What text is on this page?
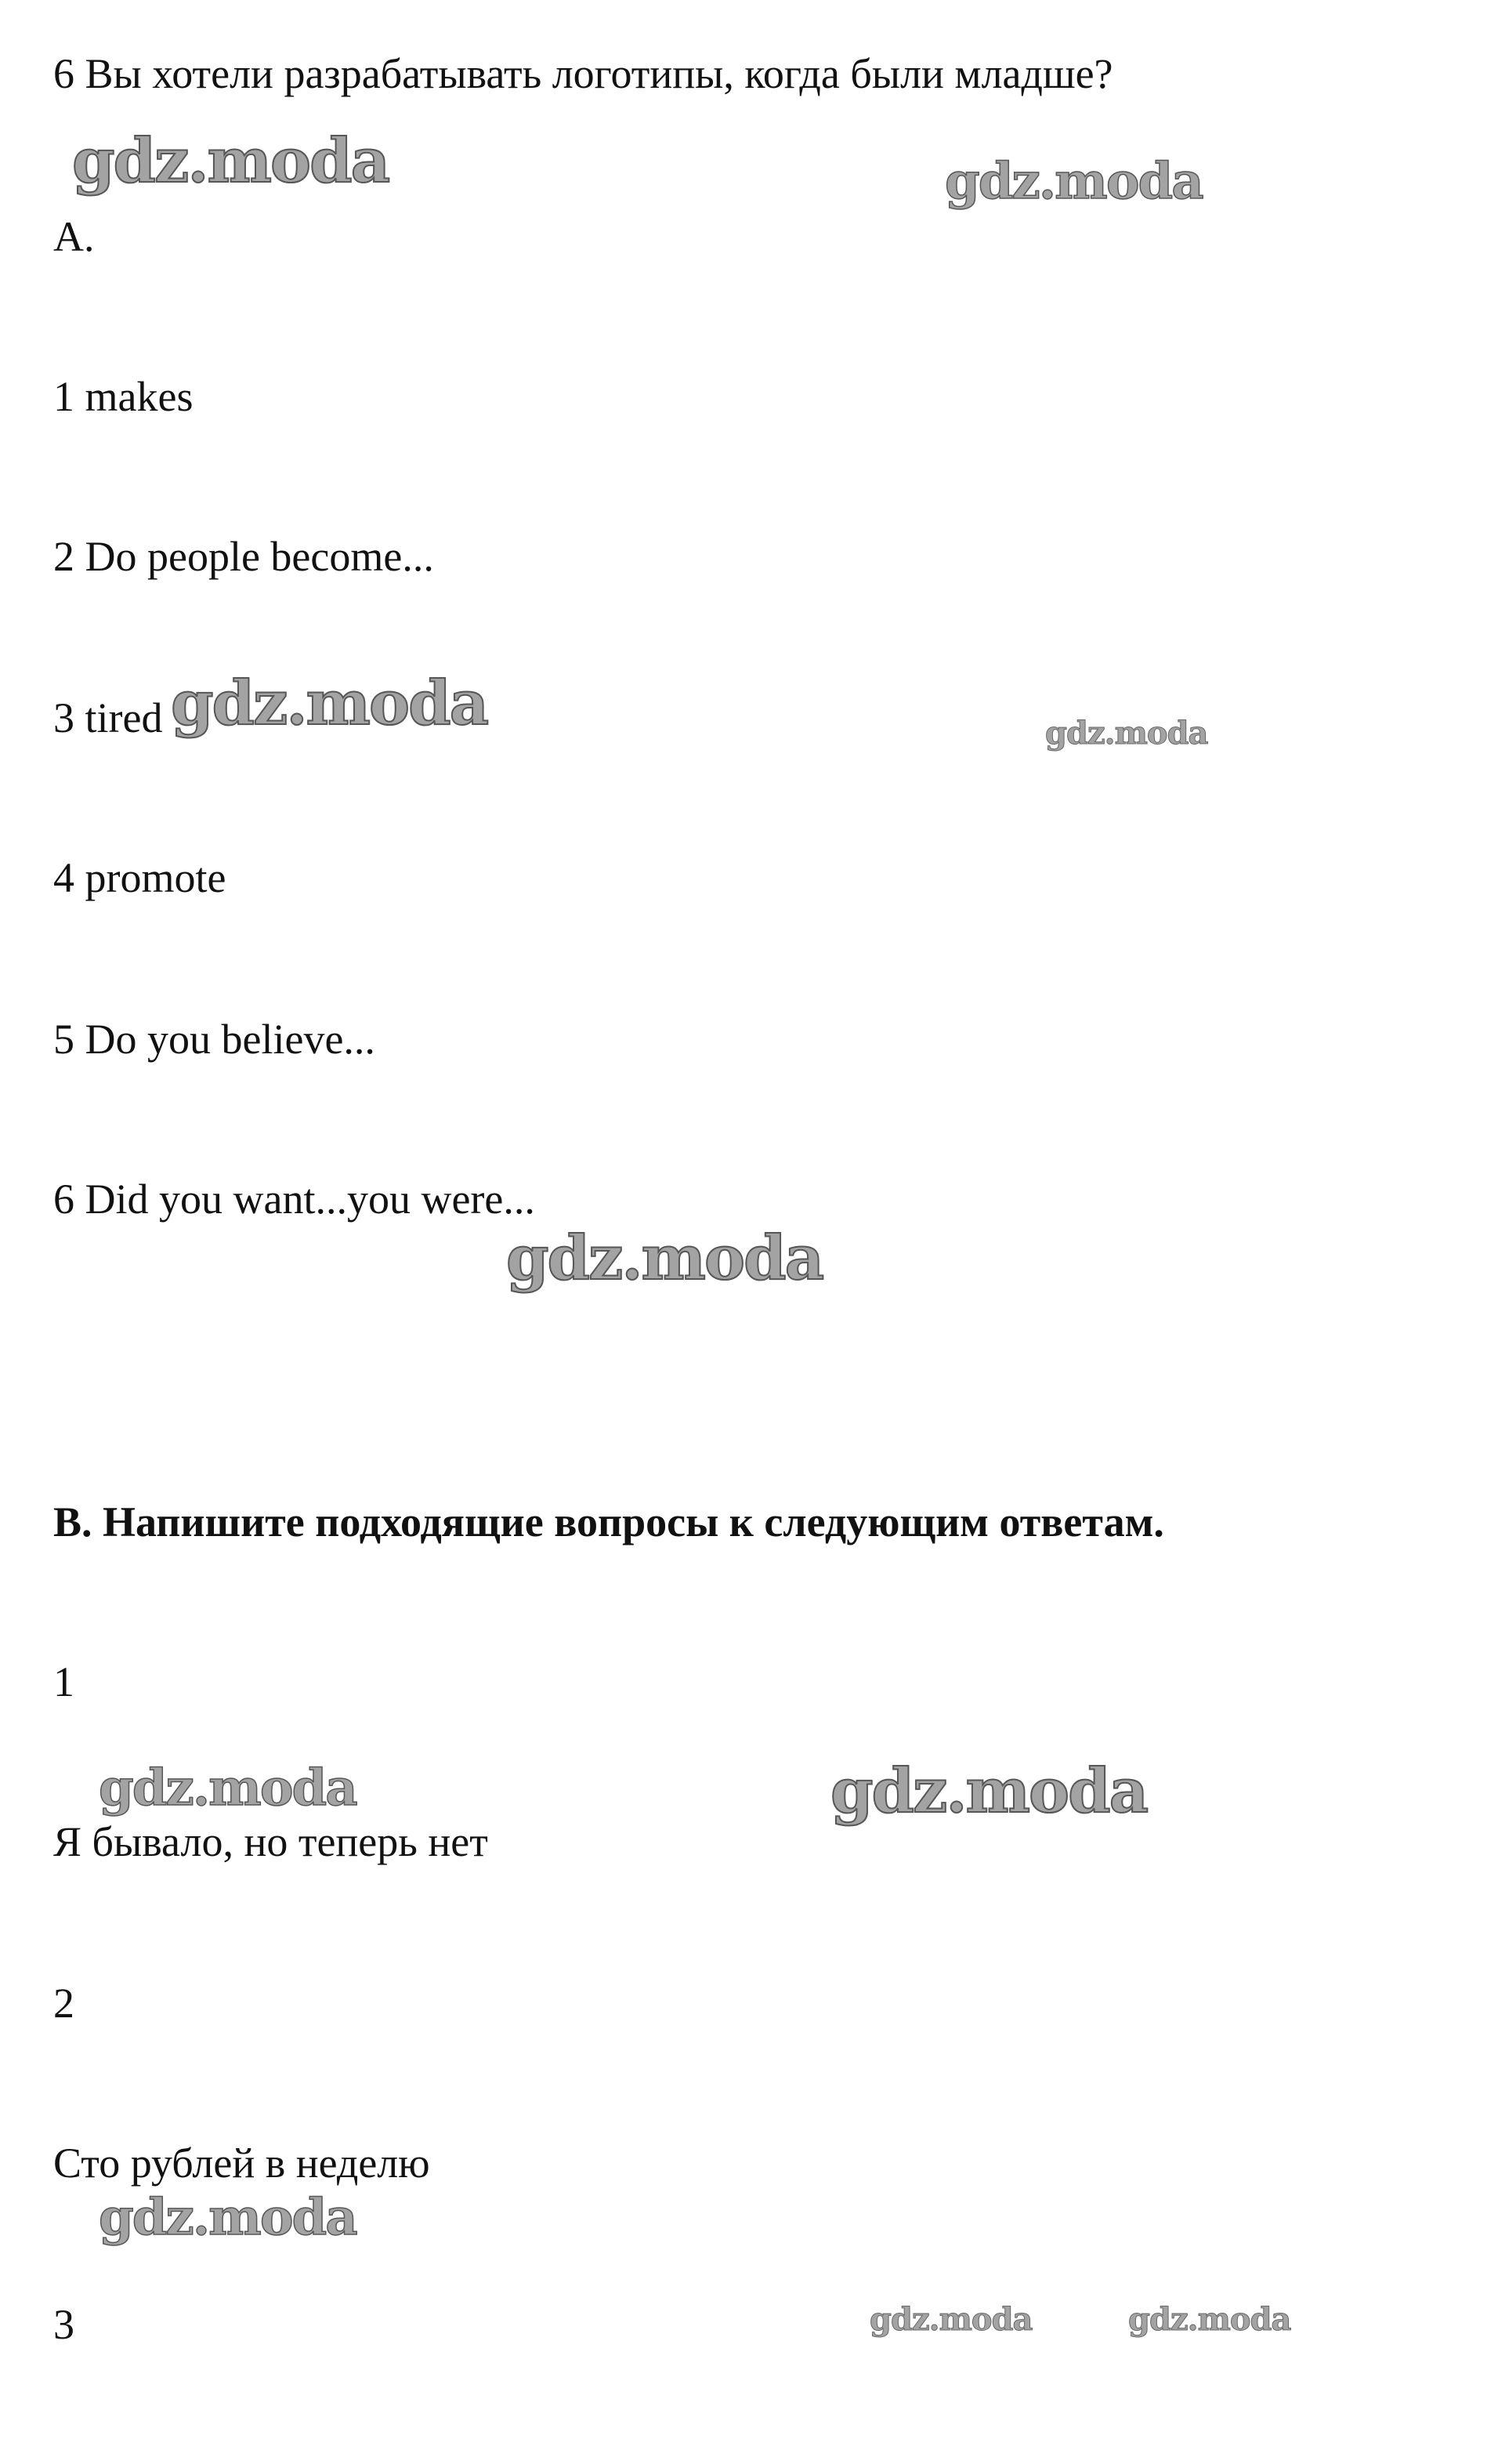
6 Вы хотели разрабатывать логотипы, когда были младше?
A.
1 makes
2 Do people become...
3 tired
4 promote
5 Do you believe...
6 Did you want...you were...
B. Напишите подходящие вопросы к следующим ответам.
1
Я бывало, но теперь нет
2
Сто рублей в неделю
3
gdz.moda	gdz.moda
gdz.moda	gdz.moda
gdz.moda
gdz.moda	gdz.moda
gdz.moda
gdz.moda	gdz.moda
